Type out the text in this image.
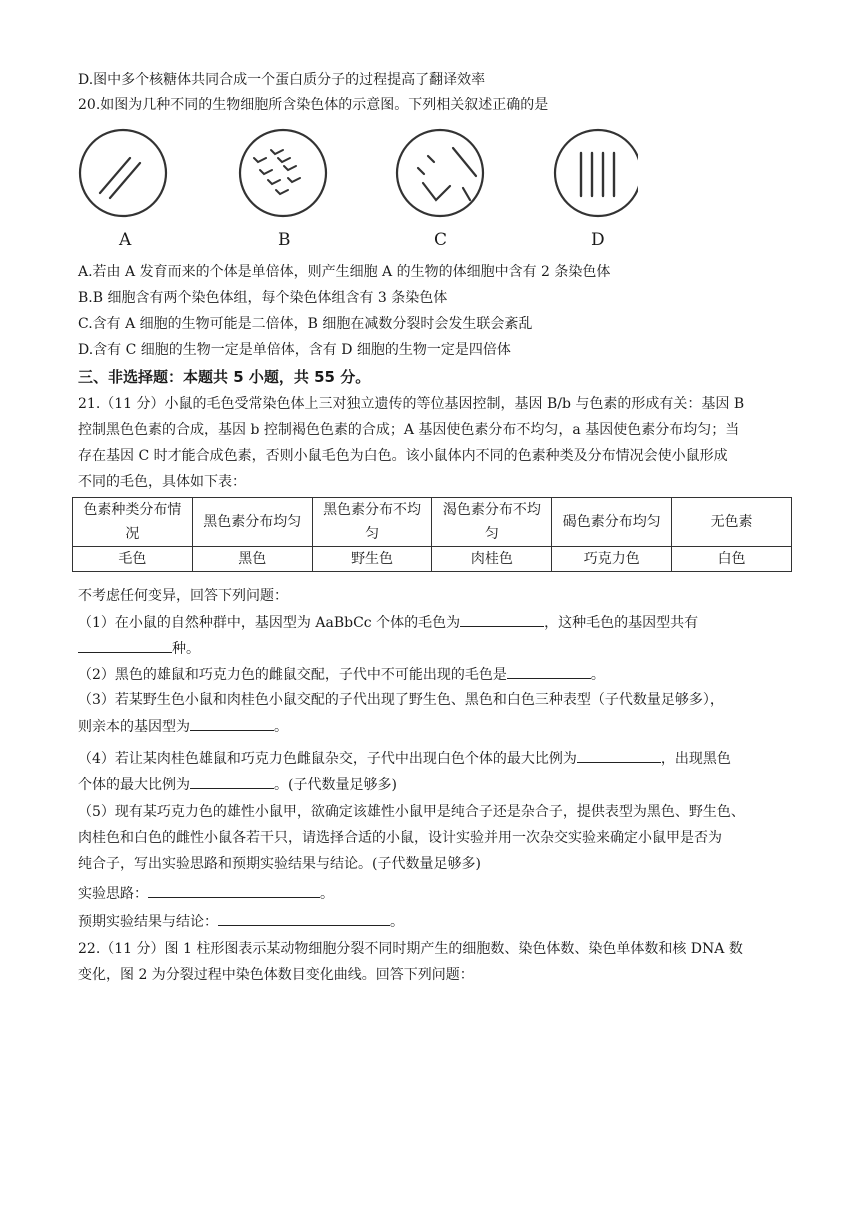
D.图中多个核糖体共同合成一个蛋白质分子的过程提高了翻译效率
20.如图为几种不同的生物细胞所含染色体的示意图。下列相关叙述正确的是
A	B	C	D
A.若由 A 发育而来的个体是单倍体，则产生细胞 A 的生物的体细胞中含有 2 条染色体
B.B 细胞含有两个染色体组，每个染色体组含有 3 条染色体
C.含有 A 细胞的生物可能是二倍体，B 细胞在减数分裂时会发生联会紊乱
D.含有 C 细胞的生物一定是单倍体，含有 D 细胞的生物一定是四倍体
三、非选择题：本题共 5 小题，共 55 分。
21.（11 分）小鼠的毛色受常染色体上三对独立遗传的等位基因控制，基因 B/b 与色素的形成有关：基因 B
控制黑色色素的合成，基因 b 控制褐色色素的合成；A 基因使色素分布不均匀，a 基因使色素分布均匀；当
存在基因 C 时才能合成色素，否则小鼠毛色为白色。该小鼠体内不同的色素种类及分布情况会使小鼠形成
不同的毛色，具体如下表：
色素种类分布情况	黑色素分布均匀	黑色素分布不均匀	渴色素分布不均匀	碣色素分布均匀	无色素
毛色	黑色	野生色	肉桂色	巧克力色	白色
不考虑任何变异，回答下列问题：
（1）在小鼠的自然种群中，基因型为 AaBbCc 个体的毛色为	，这种毛色的基因型共有
种。
（2）黑色的雄鼠和巧克力色的雌鼠交配，子代中不可能出现的毛色是	。
（3）若某野生色小鼠和肉桂色小鼠交配的子代出现了野生色、黑色和白色三种表型（子代数量足够多），
则亲本的基因型为	。
（4）若让某肉桂色雄鼠和巧克力色雌鼠杂交，子代中出现白色个体的最大比例为	，出现黑色
个体的最大比例为	。(子代数量足够多)
（5）现有某巧克力色的雄性小鼠甲，欲确定该雄性小鼠甲是纯合子还是杂合子，提供表型为黑色、野生色、
肉桂色和白色的雌性小鼠各若干只，请选择合适的小鼠，设计实验并用一次杂交实验来确定小鼠甲是否为
纯合子，写出实验思路和预期实验结果与结论。(子代数量足够多)
实验思路：	。
预期实验结果与结论：	。
22.（11 分）图 1 柱形图表示某动物细胞分裂不同时期产生的细胞数、染色体数、染色单体数和核 DNA 数
变化，图 2 为分裂过程中染色体数目变化曲线。回答下列问题：
